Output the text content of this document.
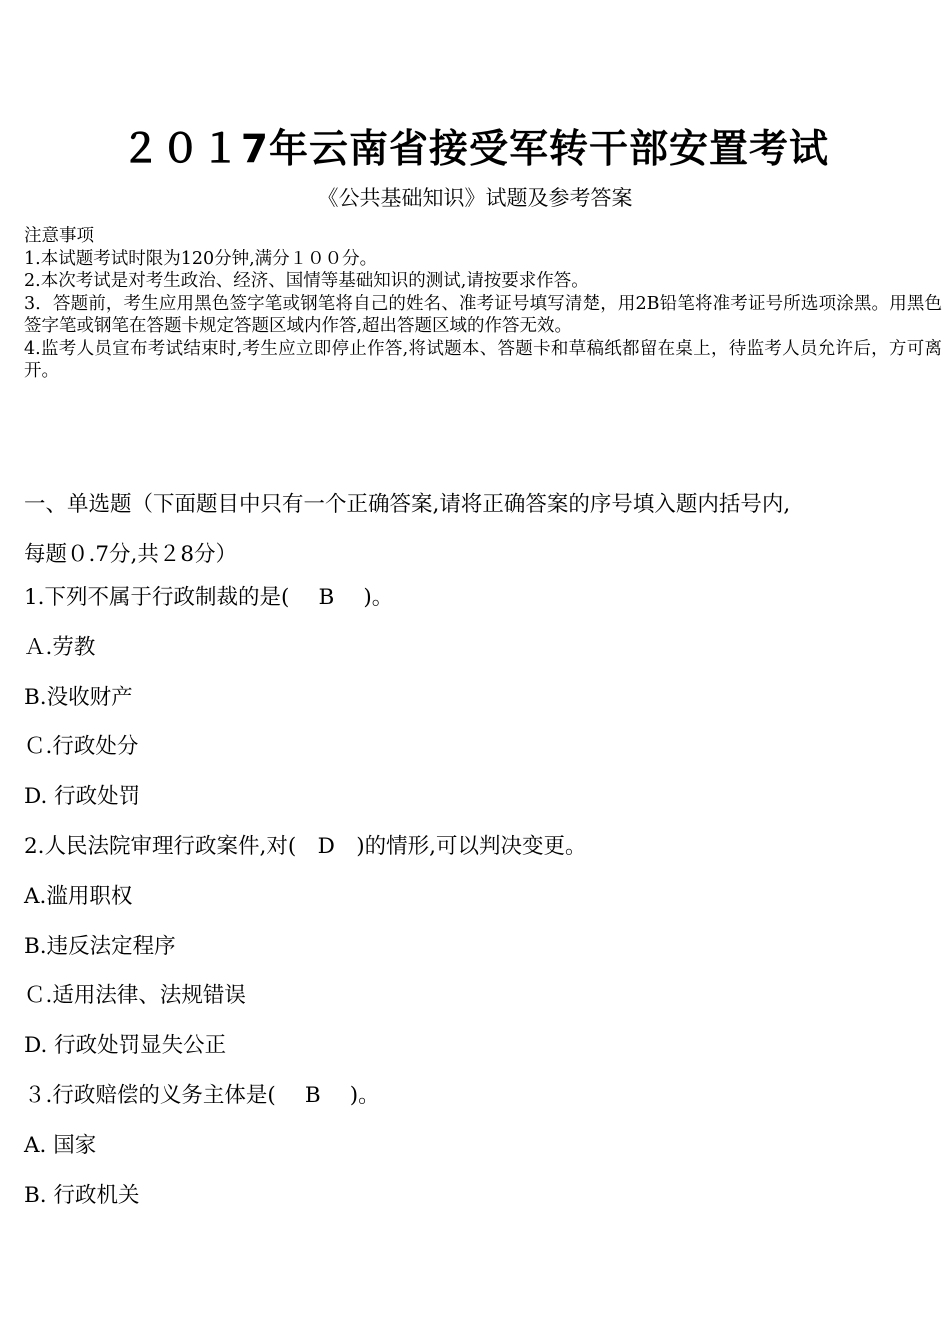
２０１7年云南省接受军转干部安置考试
《公共基础知识》试题及参考答案
注意事项
1.本试题考试时限为120分钟,满分１００分。
2.本次考试是对考生政治、经济、国情等基础知识的测试,请按要求作答。
3．答题前，考生应用黑色签字笔或钢笔将自己的姓名、准考证号填写清楚，用2B铅笔将准考证号所选项涂黑。用黑色签字笔或钢笔在答题卡规定答题区域内作答,超出答题区域的作答无效。
4.监考人员宣布考试结束时,考生应立即停止作答,将试题本、答题卡和草稿纸都留在桌上，待监考人员允许后，方可离开。
一、单选题（下面题目中只有一个正确答案,请将正确答案的序号填入题内括号内,
每题０.7分,共２8分）
1.下列不属于行政制裁的是( B )。
Ａ.劳教
B.没收财产
Ｃ.行政处分
D. 行政处罚
2.人民法院审理行政案件,对( D )的情形,可以判决变更。
A.滥用职权
B.违反法定程序
Ｃ.适用法律、法规错误
D. 行政处罚显失公正
３.行政赔偿的义务主体是( B )。
A. 国家
B. 行政机关
